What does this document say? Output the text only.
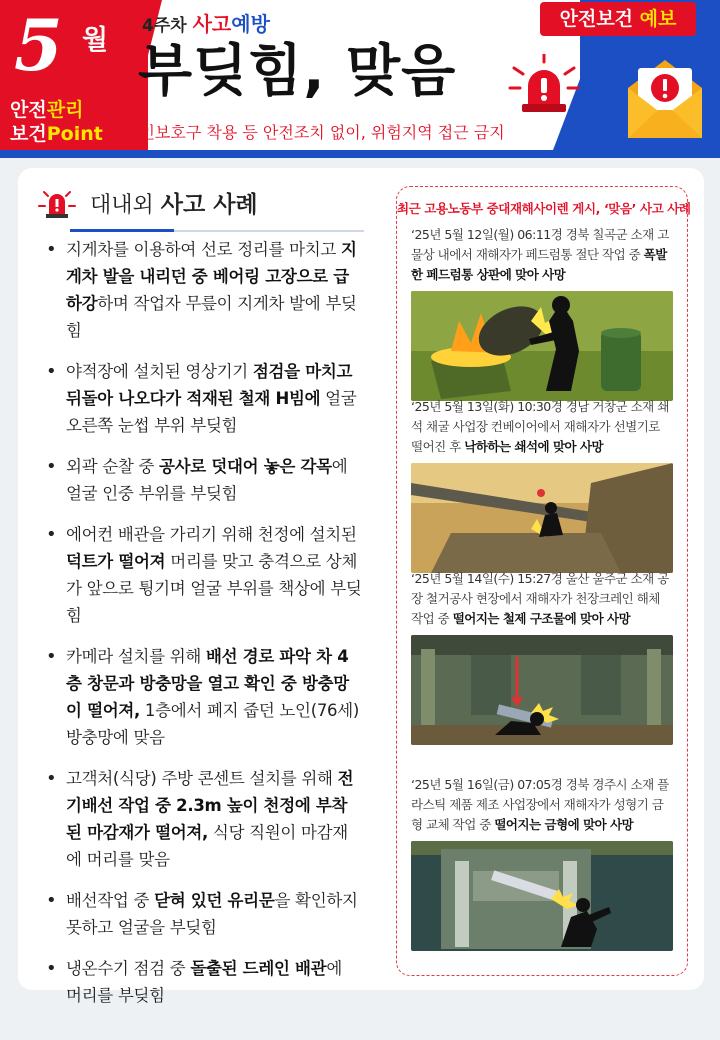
5 월
안전관리
보건Point
4주차 사고예방
부딪힘, 맞음
개인보호구 착용 등 안전조치 없이, 위험지역 접근 금지
안전보건 예보
대내외 사고 사례
• 지게차를 이용하여 선로 정리를 마치고 지게차 발을 내리던 중 베어링 고장으로 급 하강하며 작업자 무릎이 지게차 발에 부딪힘
• 야적장에 설치된 영상기기 점검을 마치고 뒤돌아 나오다가 적재된 철재 H빔에 얼굴 오른쪽 눈썹 부위 부딪힘
• 외곽 순찰 중 공사로 덧대어 놓은 각목에 얼굴 인중 부위를 부딪힘
• 에어컨 배관을 가리기 위해 천정에 설치된 덕트가 떨어져 머리를 맞고 충격으로 상체가 앞으로 튕기며 얼굴 부위를 책상에 부딪힘
• 카메라 설치를 위해 배선 경로 파악 차 4층 창문과 방충망을 열고 확인 중 방충망이 떨어져, 1층에서 폐지 줍던 노인(76세) 방충망에 맞음
• 고객처(식당) 주방 콘센트 설치를 위해 전기배선 작업 중 2.3m 높이 천정에 부착된 마감재가 떨어져, 식당 직원이 마감재에 머리를 맞음
• 배선작업 중 닫혀 있던 유리문을 확인하지 못하고 얼굴을 부딪힘
• 냉온수기 점검 중 돌출된 드레인 배관에 머리를 부딪힘
최근 고용노동부 중대재해사이렌 게시, ‘맞음’ 사고 사례
‘25년 5월 12일(월) 06:11경 경북 칠곡군 소재 고물상 내에서 재해자가 페드럼통 절단 작업 중 폭발한 페드럼통 상판에 맞아 사망
‘25년 5월 13일(화) 10:30경 경남 거창군 소재 쇄석 채굴 사업장 컨베이어에서 재해자가 선별기로 떨어진 후 낙하하는 쇄석에 맞아 사망
‘25년 5월 14일(수) 15:27경 울산 울주군 소재 공장 철거공사 현장에서 재해자가 천장크레인 해체 작업 중 떨어지는 철제 구조물에 맞아 사망
‘25년 5월 16일(금) 07:05경 경북 경주시 소재 플라스틱 제품 제조 사업장에서 재해자가 성형기 금형 교체 작업 중 떨어지는 금형에 맞아 사망
